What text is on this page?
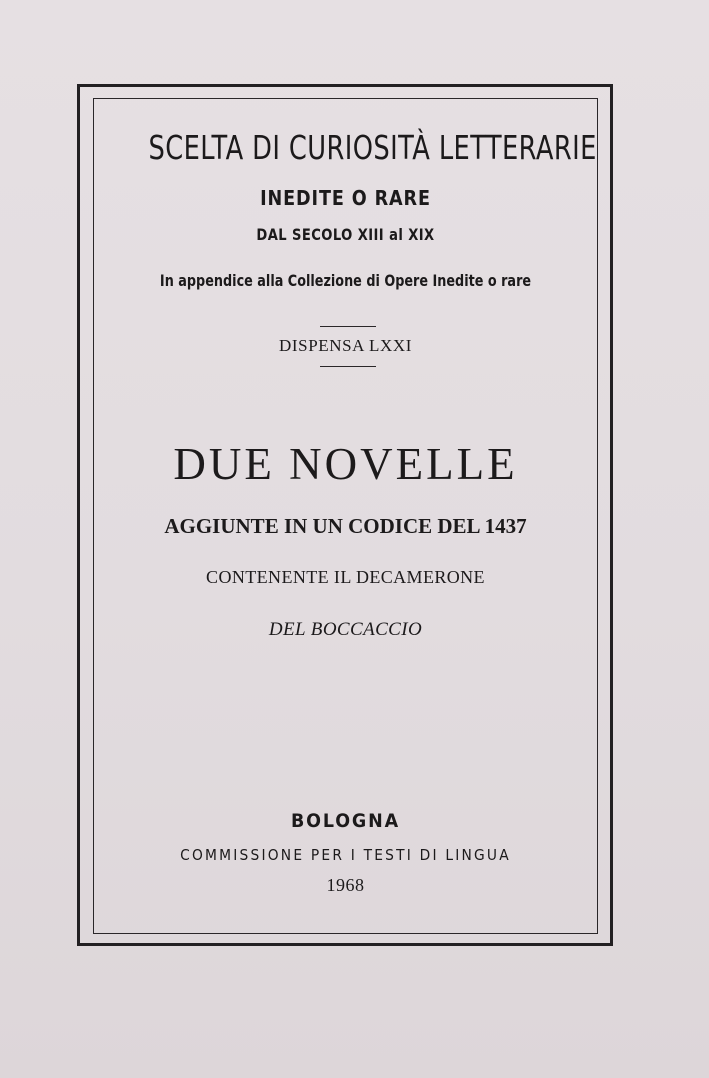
SCELTA DI CURIOSITÀ LETTERARIE

INEDITE O RARE

DAL SECOLO XIII al XIX

In appendice alla Collezione di Opere Inedite o rare

DISPENSA LXXI

DUE NOVELLE

AGGIUNTE IN UN CODICE DEL 1437

CONTENENTE IL DECAMERONE

DEL BOCCACCIO

BOLOGNA

COMMISSIONE PER I TESTI DI LINGUA

1968
